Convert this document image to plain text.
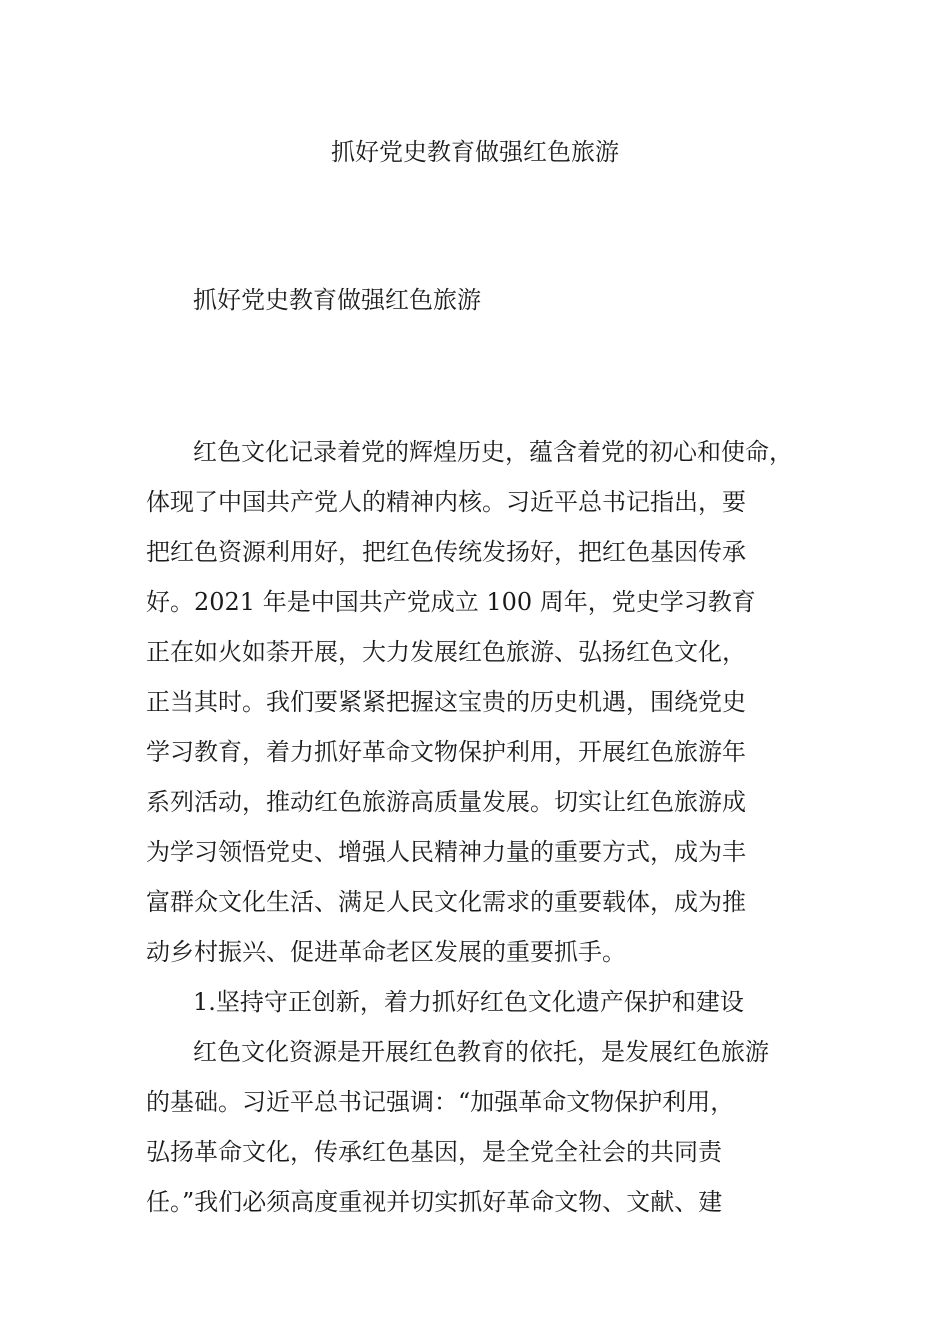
抓好党史教育做强红色旅游
抓好党史教育做强红色旅游
红色文化记录着党的辉煌历史，蕴含着党的初心和使命，
体现了中国共产党人的精神内核。习近平总书记指出，要
把红色资源利用好，把红色传统发扬好，把红色基因传承
好。2021 年是中国共产党成立 100 周年，党史学习教育
正在如火如荼开展，大力发展红色旅游、弘扬红色文化，
正当其时。我们要紧紧把握这宝贵的历史机遇，围绕党史
学习教育，着力抓好革命文物保护利用，开展红色旅游年
系列活动，推动红色旅游高质量发展。切实让红色旅游成
为学习领悟党史、增强人民精神力量的重要方式，成为丰
富群众文化生活、满足人民文化需求的重要载体，成为推
动乡村振兴、促进革命老区发展的重要抓手。
1.坚持守正创新，着力抓好红色文化遗产保护和建设
红色文化资源是开展红色教育的依托，是发展红色旅游
的基础。习近平总书记强调：“加强革命文物保护利用，
弘扬革命文化，传承红色基因，是全党全社会的共同责
任。”我们必须高度重视并切实抓好革命文物、文献、建
